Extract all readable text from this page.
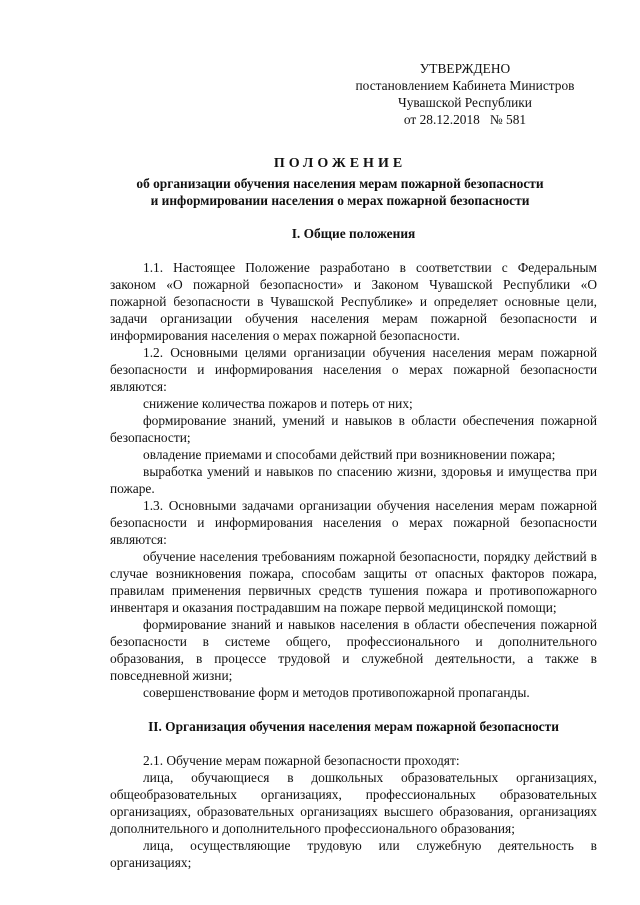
УТВЕРЖДЕНО
постановлением Кабинета Министров
Чувашской Республики
от 28.12.2018   № 581
ПОЛОЖЕНИЕ
об организации обучения населения мерам пожарной безопасности
и информировании населения о мерах пожарной безопасности
I. Общие положения

1.1. Настоящее Положение разработано в соответствии с Федеральным законом «О пожарной безопасности» и Законом Чувашской Республики «О пожарной безопасности в Чувашской Республике» и определяет основные цели, задачи организации обучения населения мерам пожарной безопасности и информирования населения о мерах пожарной безопасности.

1.2. Основными целями организации обучения населения мерам пожарной безопасности и информирования населения о мерах пожарной безопасности являются:

снижение количества пожаров и потерь от них;

формирование знаний, умений и навыков в области обеспечения пожарной безопасности;

овладение приемами и способами действий при возникновении пожара;

выработка умений и навыков по спасению жизни, здоровья и имущества при пожаре.

1.3. Основными задачами организации обучения населения мерам пожарной безопасности и информирования населения о мерах пожарной безопасности являются:

обучение населения требованиям пожарной безопасности, порядку действий в случае возникновения пожара, способам защиты от опасных факторов пожара, правилам применения первичных средств тушения пожара и противопожарного инвентаря и оказания пострадавшим на пожаре первой медицинской помощи;

формирование знаний и навыков населения в области обеспечения пожарной безопасности в системе общего, профессионального и дополнительного образования, в процессе трудовой и служебной деятельности, а также в повседневной жизни;

совершенствование форм и методов противопожарной пропаганды.

II. Организация обучения населения мерам пожарной безопасности

2.1. Обучение мерам пожарной безопасности проходят:

лица, обучающиеся в дошкольных образовательных организациях, общеобразовательных организациях, профессиональных образовательных организациях, образовательных организациях высшего образования, организациях дополнительного и дополнительного профессионального образования;

лица, осуществляющие трудовую или служебную деятельность в организациях;
